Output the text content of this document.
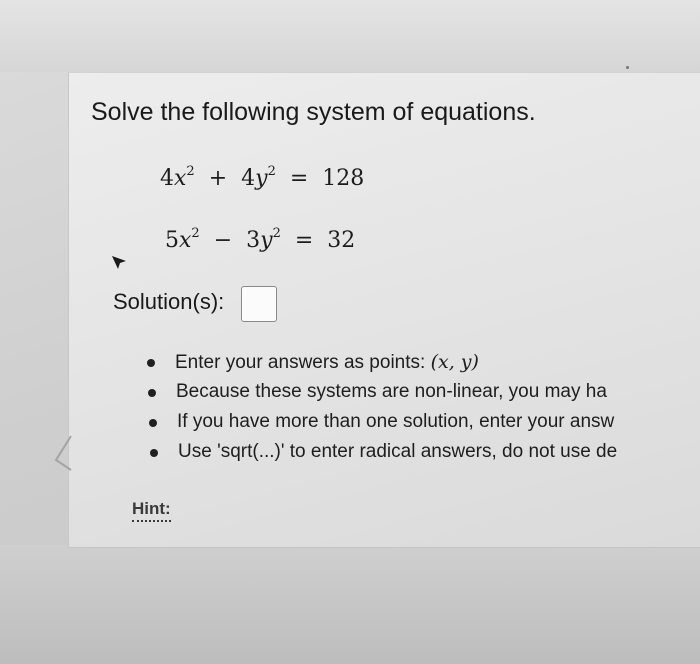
Solve the following system of equations.
$4x^2 + 4y^2 = 128$
$5x^2 - 3y^2 = 32$
Solution(s):
Enter your answers as points: (x, y)
Because these systems are non-linear, you may ha
If you have more than one solution, enter your answ
Use 'sqrt(...)' to enter radical answers, do not use de
Hint:
